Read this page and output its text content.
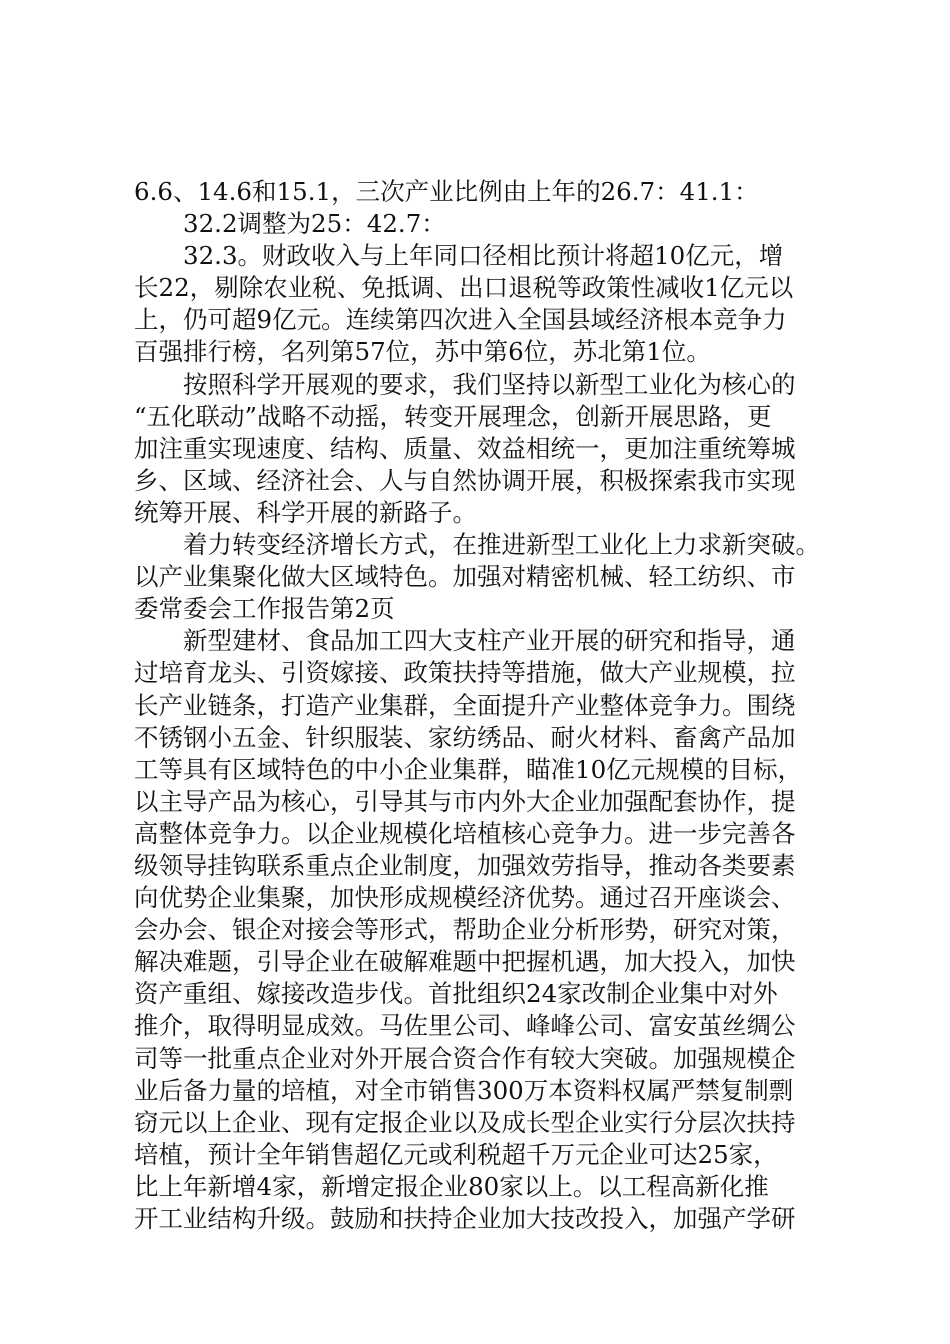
6.6、14.6和15.1，三次产业比例由上年的26.7：41.1：
32.2调整为25：42.7：
32.3。财政收入与上年同口径相比预计将超10亿元，增
长22，剔除农业税、免抵调、出口退税等政策性减收1亿元以
上，仍可超9亿元。连续第四次进入全国县域经济根本竞争力
百强排行榜，名列第57位，苏中第6位，苏北第1位。
按照科学开展观的要求，我们坚持以新型工业化为核心的
“五化联动”战略不动摇，转变开展理念，创新开展思路，更
加注重实现速度、结构、质量、效益相统一，更加注重统筹城
乡、区域、经济社会、人与自然协调开展，积极探索我市实现
统筹开展、科学开展的新路子。
着力转变经济增长方式，在推进新型工业化上力求新突破。
以产业集聚化做大区域特色。加强对精密机械、轻工纺织、市
委常委会工作报告第2页
新型建材、食品加工四大支柱产业开展的研究和指导，通
过培育龙头、引资嫁接、政策扶持等措施，做大产业规模，拉
长产业链条，打造产业集群，全面提升产业整体竞争力。围绕
不锈钢小五金、针织服装、家纺绣品、耐火材料、畜禽产品加
工等具有区域特色的中小企业集群，瞄准10亿元规模的目标，
以主导产品为核心，引导其与市内外大企业加强配套协作，提
高整体竞争力。以企业规模化培植核心竞争力。进一步完善各
级领导挂钩联系重点企业制度，加强效劳指导，推动各类要素
向优势企业集聚，加快形成规模经济优势。通过召开座谈会、
会办会、银企对接会等形式，帮助企业分析形势，研究对策，
解决难题，引导企业在破解难题中把握机遇，加大投入，加快
资产重组、嫁接改造步伐。首批组织24家改制企业集中对外
推介，取得明显成效。马佐里公司、峰峰公司、富安茧丝绸公
司等一批重点企业对外开展合资合作有较大突破。加强规模企
业后备力量的培植，对全市销售300万本资料权属严禁复制剽
窃元以上企业、现有定报企业以及成长型企业实行分层次扶持
培植，预计全年销售超亿元或利税超千万元企业可达25家，
比上年新增4家，新增定报企业80家以上。以工程高新化推
开工业结构升级。鼓励和扶持企业加大技改投入，加强产学研
